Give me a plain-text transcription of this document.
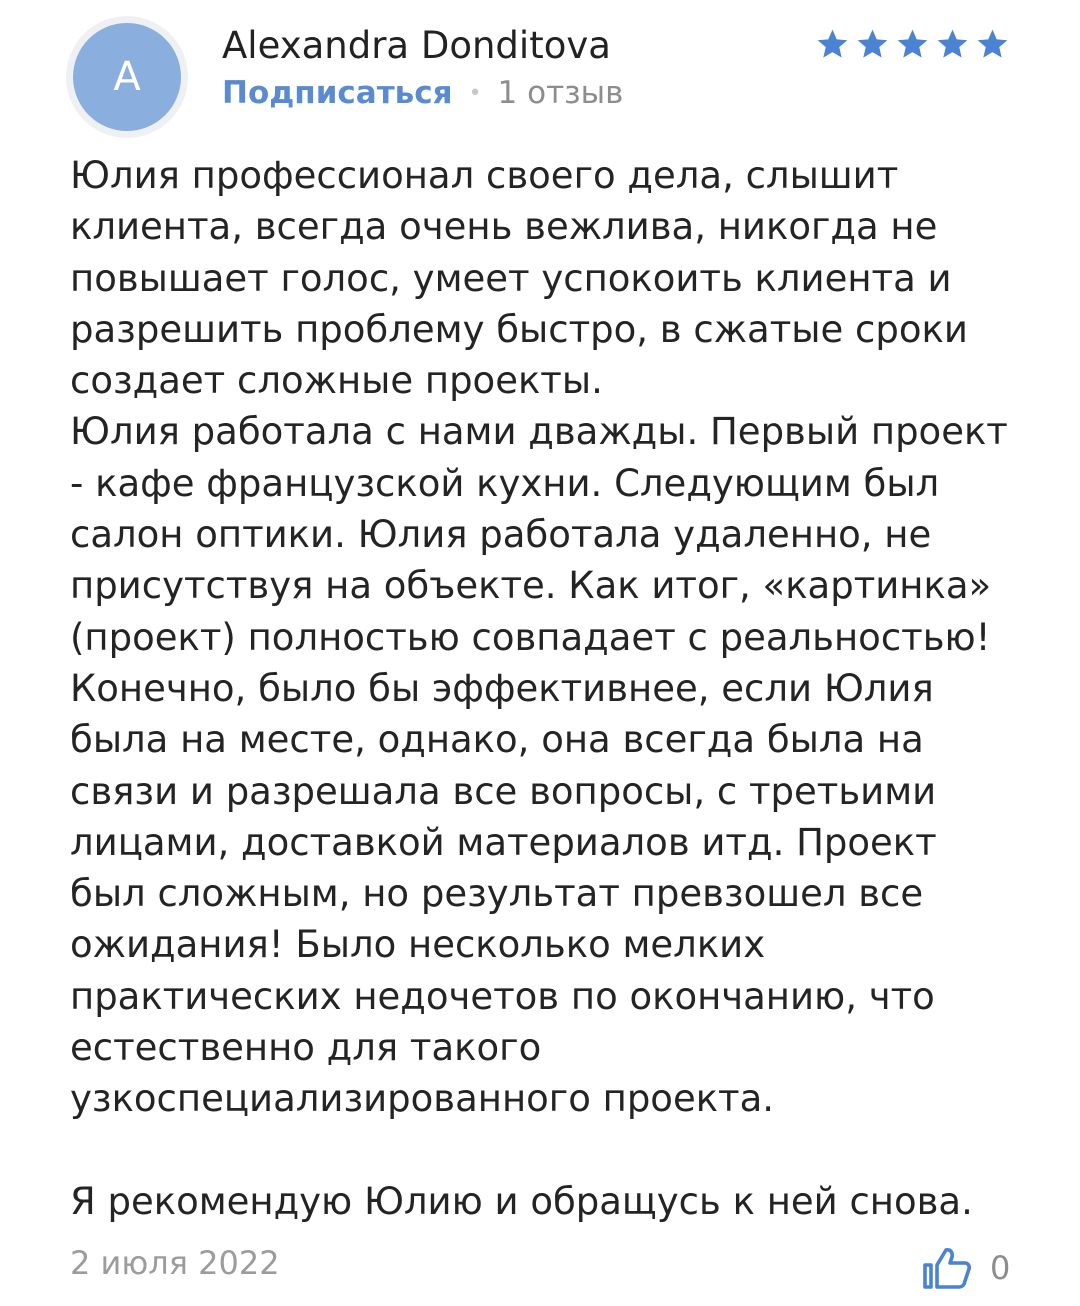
A
Alexandra Donditova
Подписаться • 1 отзыв
Юлия профессионал своего дела, слышит клиента, всегда очень вежлива, никогда не повышает голос, умеет успокоить клиента и разрешить проблему быстро, в сжатые сроки создает сложные проекты.
Юлия работала с нами дважды. Первый проект - кафе французской кухни. Следующим был салон оптики. Юлия работала удаленно, не присутствуя на объекте. Как итог, «картинка» (проект) полностью совпадает с реальностью! Конечно, было бы эффективнее, если Юлия была на месте, однако, она всегда была на связи и разрешала все вопросы, с третьими лицами, доставкой материалов итд. Проект был сложным, но результат превзошел все ожидания! Было несколько мелких практических недочетов по окончанию, что естественно для такого узкоспециализированного проекта.

Я рекомендую Юлию и обращусь к ней снова.
2 июля 2022	0
